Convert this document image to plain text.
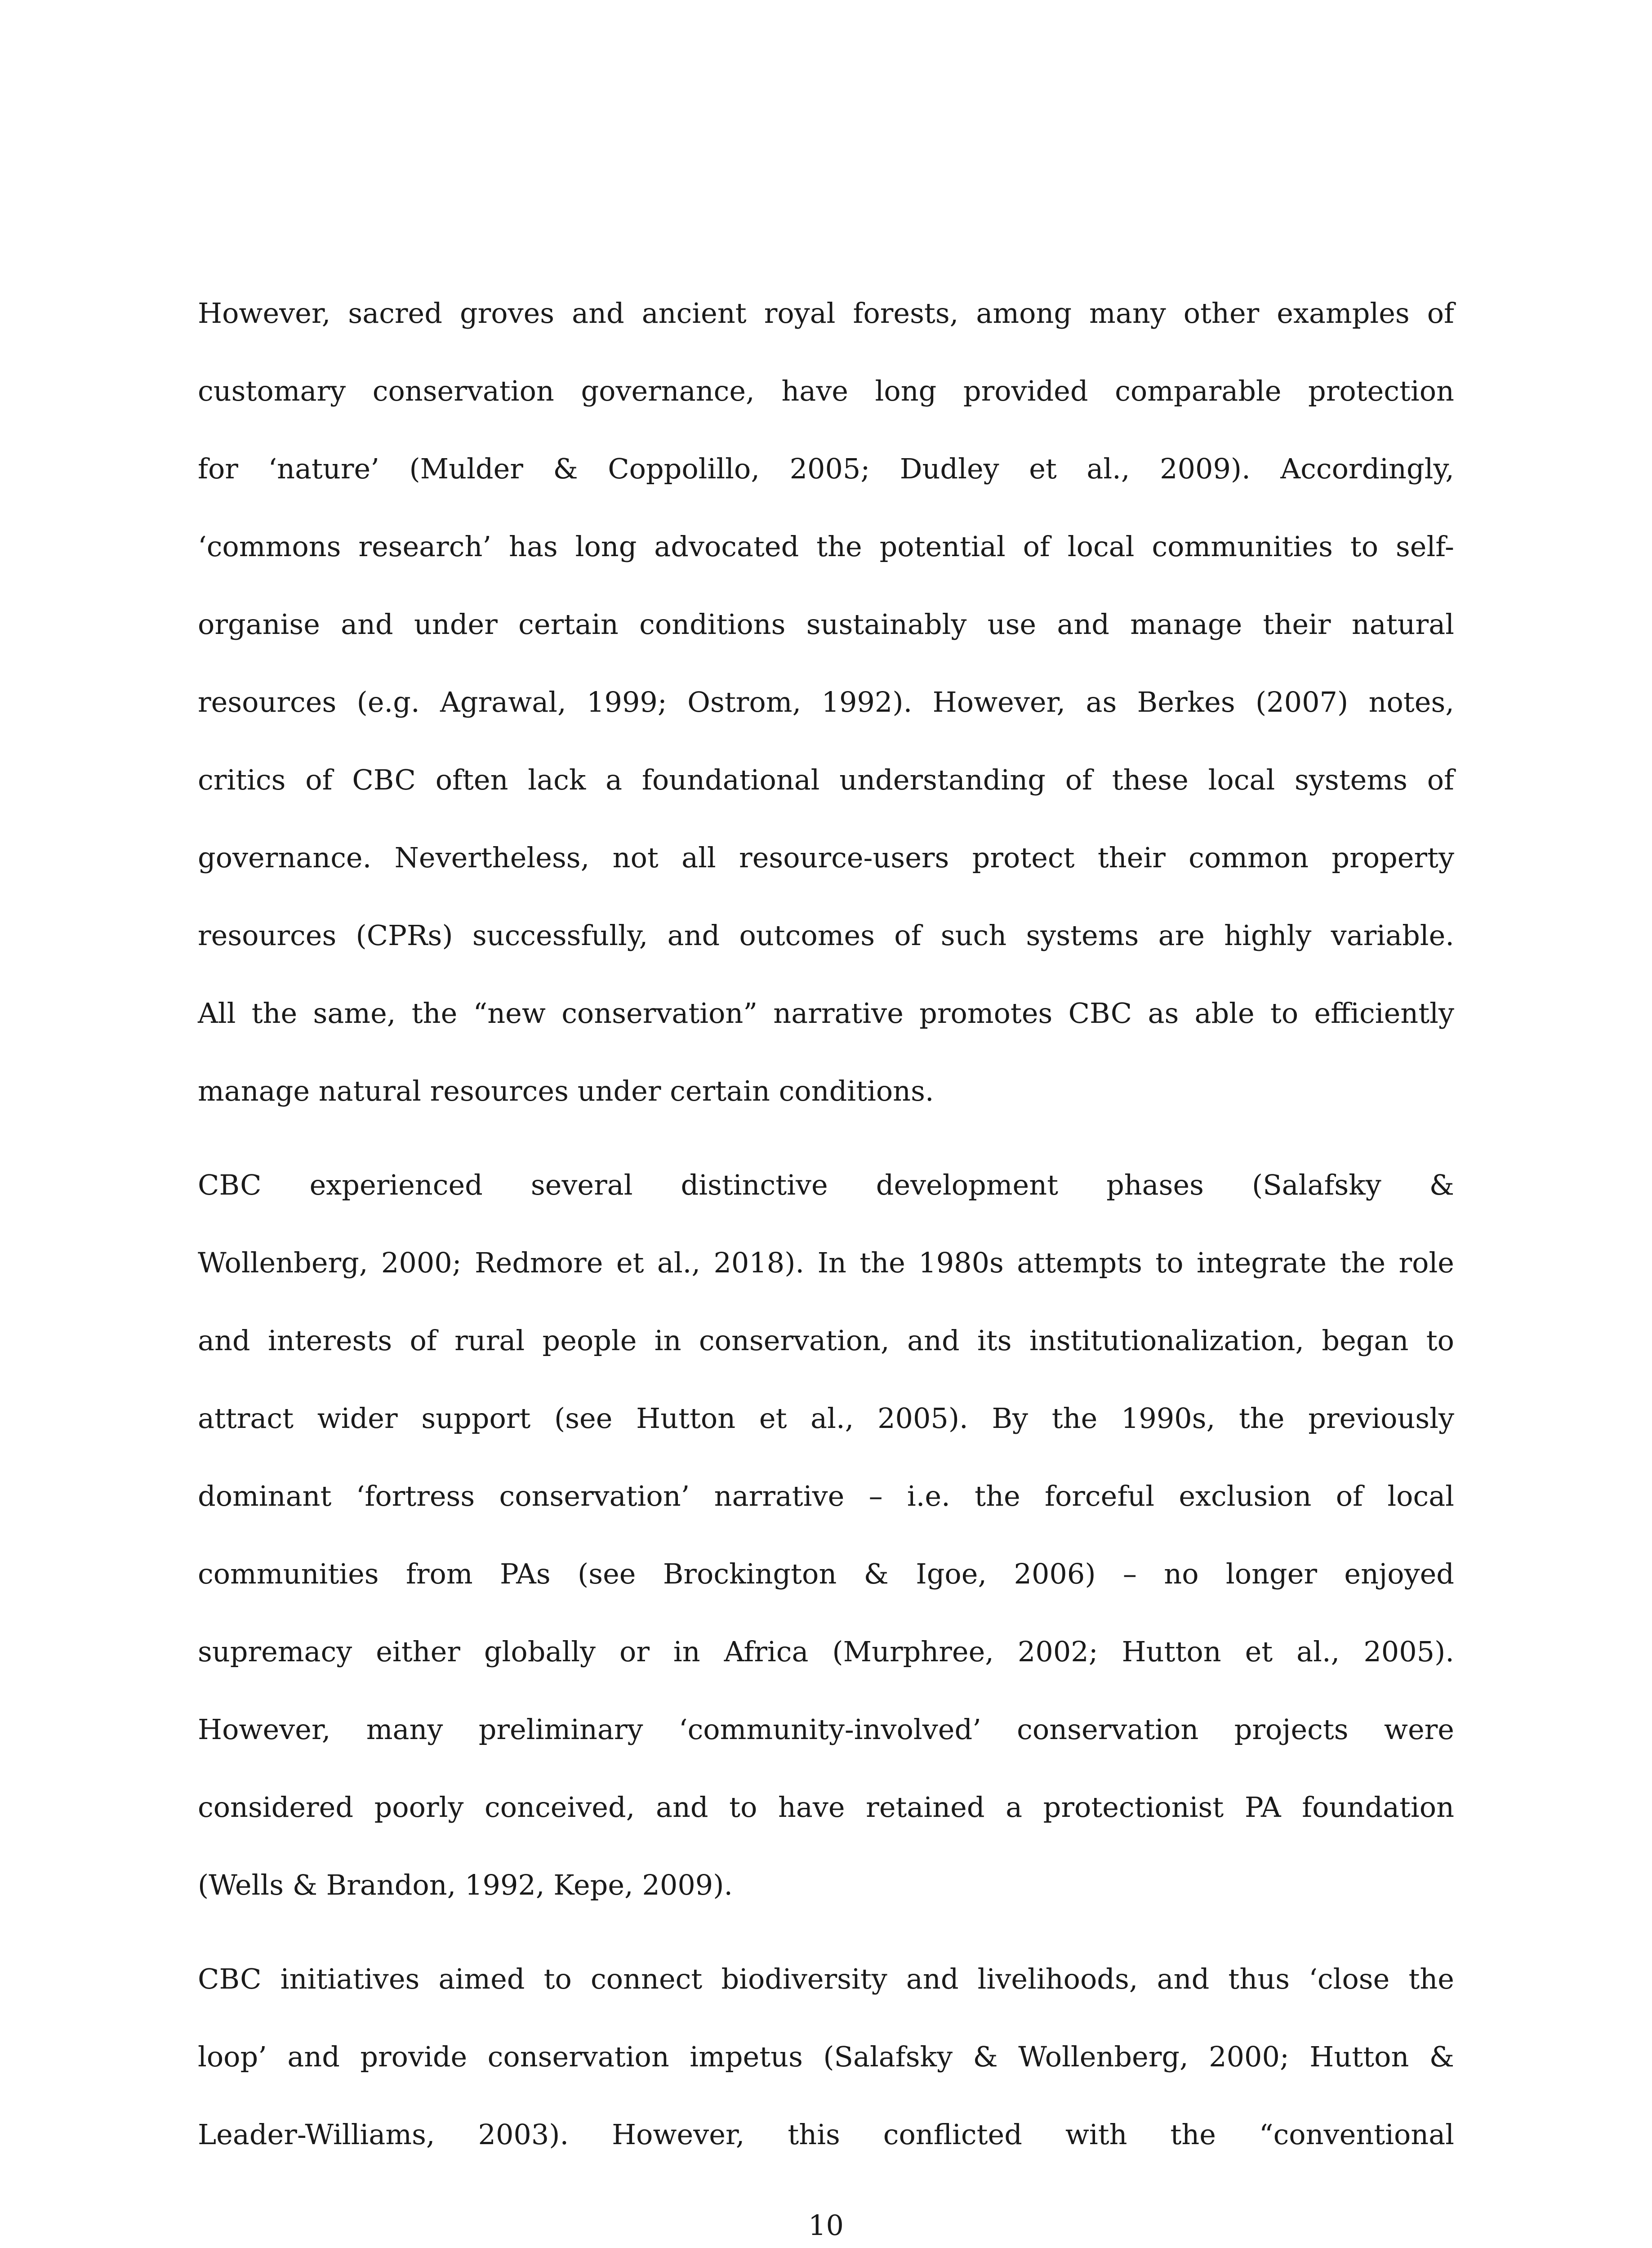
However, sacred groves and ancient royal forests, among many other examples of
customary conservation governance, have long provided comparable protection
for ‘nature’ (Mulder & Coppolillo, 2005; Dudley et al., 2009). Accordingly,
‘commons research’ has long advocated the potential of local communities to self-
organise and under certain conditions sustainably use and manage their natural
resources (e.g. Agrawal, 1999; Ostrom, 1992). However, as Berkes (2007) notes,
critics of CBC often lack a foundational understanding of these local systems of
governance. Nevertheless, not all resource-users protect their common property
resources (CPRs) successfully, and outcomes of such systems are highly variable.
All the same, the “new conservation” narrative promotes CBC as able to efficiently
manage natural resources under certain conditions.
CBC experienced several distinctive development phases (Salafsky &
Wollenberg, 2000; Redmore et al., 2018). In the 1980s attempts to integrate the role
and interests of rural people in conservation, and its institutionalization, began to
attract wider support (see Hutton et al., 2005). By the 1990s, the previously
dominant ‘fortress conservation’ narrative – i.e. the forceful exclusion of local
communities from PAs (see Brockington & Igoe, 2006) – no longer enjoyed
supremacy either globally or in Africa (Murphree, 2002; Hutton et al., 2005).
However, many preliminary ‘community-involved’ conservation projects were
considered poorly conceived, and to have retained a protectionist PA foundation
(Wells & Brandon, 1992, Kepe, 2009).
CBC initiatives aimed to connect biodiversity and livelihoods, and thus ‘close the
loop’ and provide conservation impetus (Salafsky & Wollenberg, 2000; Hutton &
Leader-Williams, 2003). However, this conflicted with the “conventional
10
